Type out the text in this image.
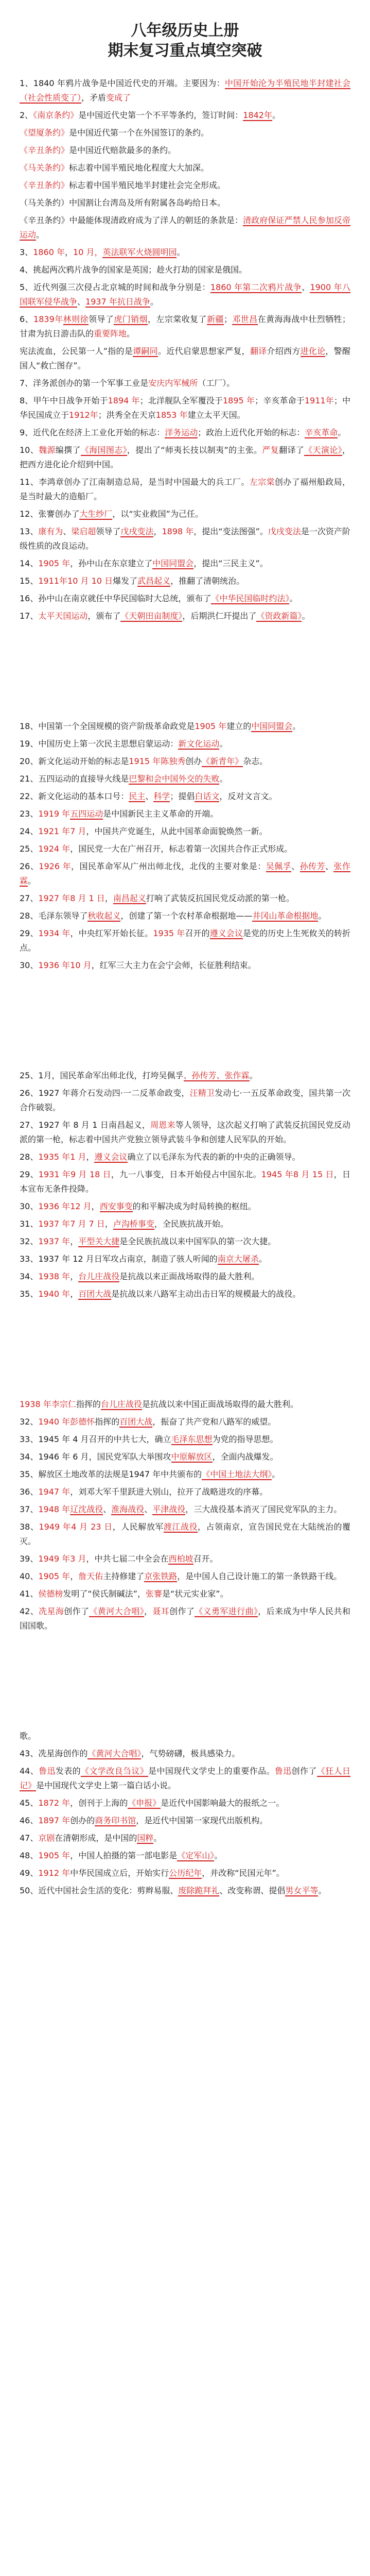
八年级历史上册
期末复习重点填空突破
1、1840 年鸦片战争是中国近代史的开端。主要因为：中国开始沦为半殖民地半封建社会（社会性质变了），矛盾变成了
2、《南京条约》是中国近代史第一个不平等条约，签订时间：1842年。
《望厦条约》是中国近代第一个在外国签订的条约。
《辛丑条约》是中国近代赔款最多的条约。
《马关条约》标志着中国半殖民地化程度大大加深。
《辛丑条约》标志着中国半殖民地半封建社会完全形成。
（马关条约）中国割让台湾岛及所有附属各岛屿给日本。
《辛丑条约》中最能体现清政府成为了洋人的朝廷的条款是：清政府保证严禁人民参加反帝运动。
3、1860 年，10 月，英法联军火烧圆明园。
4、挑起两次鸦片战争的国家是英国；趁火打劫的国家是俄国。
5、近代列强三次侵占北京城的时间和战争分别是：1860 年第二次鸦片战争、1900 年八国联军侵华战争、1937 年抗日战争。
6、1839年林则徐领导了虎门销烟，左宗棠收复了新疆；邓世昌在黄海海战中壮烈牺牲；甘肃为抗日游击队的重要阵地。
宪法流血，公民第一人”指的是谭嗣同。近代启蒙思想家严复，翻译介绍西方进化论，警醒国人“救亡图存”。
7、洋务派创办的第一个军事工业是安庆内军械所（工厂）。
8、甲午中日战争开始于1894 年；北洋舰队全军覆没于1895 年；辛亥革命于1911年；中华民国成立于1912年；洪秀全在天京1853 年建立太平天国。
9、近代化在经济上工业化开始的标志：洋务运动；政治上近代化开始的标志：辛亥革命。
10、魏源编撰了《海国图志》，提出了“师夷长技以制夷”的主张。严复翻译了《天演论》，把西方进化论介绍到中国。
11、李鸿章创办了江南制造总局，是当时中国最大的兵工厂。左宗棠创办了福州船政局，是当时最大的造船厂。
12、张謇创办了大生纱厂，以“实业救国”为己任。
13、康有为、梁启超领导了戊戌变法，1898 年，提出“变法图强”。戊戌变法是一次资产阶级性质的改良运动。
14、1905 年，孙中山在东京建立了中国同盟会，提出“三民主义”。
15、1911年10 月 10 日爆发了武昌起义，推翻了清朝统治。
16、孙中山在南京就任中华民国临时大总统，颁布了《中华民国临时约法》。
17、太平天国运动，颁布了《天朝田亩制度》，后期洪仁玕提出了《资政新篇》。
18、中国第一个全国规模的资产阶级革命政党是1905 年建立的中国同盟会。
19、中国历史上第一次民主思想启蒙运动：新文化运动。
20、新文化运动开始的标志是1915 年陈独秀创办《新青年》杂志。
21、五四运动的直接导火线是巴黎和会中国外交的失败。
22、新文化运动的基本口号：民主、科学；提倡白话文，反对文言文。
23、1919 年五四运动是中国新民主主义革命的开端。
24、1921 年7 月，中国共产党诞生，从此中国革命面貌焕然一新。
25、1924 年，国民党一大在广州召开，标志着第一次国共合作正式形成。
26、1926 年，国民革命军从广州出师北伐，北伐的主要对象是：吴佩孚、孙传芳、张作霖。
27、1927 年8 月 1 日，南昌起义打响了武装反抗国民党反动派的第一枪。
28、毛泽东领导了秋收起义，创建了第一个农村革命根据地——井冈山革命根据地。
29、1934 年，中央红军开始长征。1935 年召开的遵义会议是党的历史上生死攸关的转折点。
30、1936 年10 月，红军三大主力在会宁会师，长征胜利结束。
25、1月，国民革命军出师北伐，打垮吴佩孚、孙传芳、张作霖。
26、1927 年蒋介石发动四·一二反革命政变，汪精卫发动七·一五反革命政变，国共第一次合作破裂。
27、1927 年 8 月 1 日南昌起义，周恩来等人领导，这次起义打响了武装反抗国民党反动派的第一枪，标志着中国共产党独立领导武装斗争和创建人民军队的开始。
28、1935 年1 月，遵义会议确立了以毛泽东为代表的新的中央的正确领导。
29、1931 年9 月 18 日，九一八事变，日本开始侵占中国东北。1945 年8 月 15 日，日本宣布无条件投降。
30、1936 年12 月，西安事变的和平解决成为时局转换的枢纽。
31、1937 年7 月 7 日，卢沟桥事变，全民族抗战开始。
32、1937 年，平型关大捷是全民族抗战以来中国军队的第一次大捷。
33、1937 年 12 月日军攻占南京，制造了骇人听闻的南京大屠杀。
34、1938 年，台儿庄战役是抗战以来正面战场取得的最大胜利。
35、1940 年，百团大战是抗战以来八路军主动出击日军的规模最大的战役。
1938 年李宗仁指挥的台儿庄战役是抗战以来中国正面战场取得的最大胜利。
32、1940 年彭德怀指挥的百团大战，振奋了共产党和八路军的威望。
33、1945 年 4 月召开的中共七大，确立毛泽东思想为党的指导思想。
34、1946 年 6 月，国民党军队大举围攻中原解放区，全面内战爆发。
35、解放区土地改革的法规是1947 年中共颁布的《中国土地法大纲》。
36、1947 年，刘邓大军千里跃进大别山，拉开了战略进攻的序幕。
37、1948 年辽沈战役、淮海战役、平津战役，三大战役基本消灭了国民党军队的主力。
38、1949 年4 月 23 日，人民解放军渡江战役，占领南京，宣告国民党在大陆统治的覆灭。
39、1949 年3 月，中共七届二中全会在西柏坡召开。
40、1905 年，詹天佑主持修建了京张铁路，是中国人自己设计施工的第一条铁路干线。
41、侯德榜发明了“侯氏制碱法”，张謇是“状元实业家”。
42、冼星海创作了《黄河大合唱》，聂耳创作了《义勇军进行曲》，后来成为中华人民共和国国歌。
歌。
43、冼星海创作的《黄河大合唱》，气势磅礴，极具感染力。
44、鲁迅发表的《文学改良刍议》是中国现代文学史上的重要作品。鲁迅创作了《狂人日记》是中国现代文学史上第一篇白话小说。
45、1872 年，创刊于上海的《申报》是近代中国影响最大的报纸之一。
46、1897 年创办的商务印书馆，是近代中国第一家现代出版机构。
47、京剧在清朝形成，是中国的国粹。
48、1905 年，中国人拍摄的第一部电影是《定军山》。
49、1912 年中华民国成立后，开始实行公历纪年，并改称“民国元年”。
50、近代中国社会生活的变化：剪辫易服、废除跪拜礼、改变称谓、提倡男女平等。
